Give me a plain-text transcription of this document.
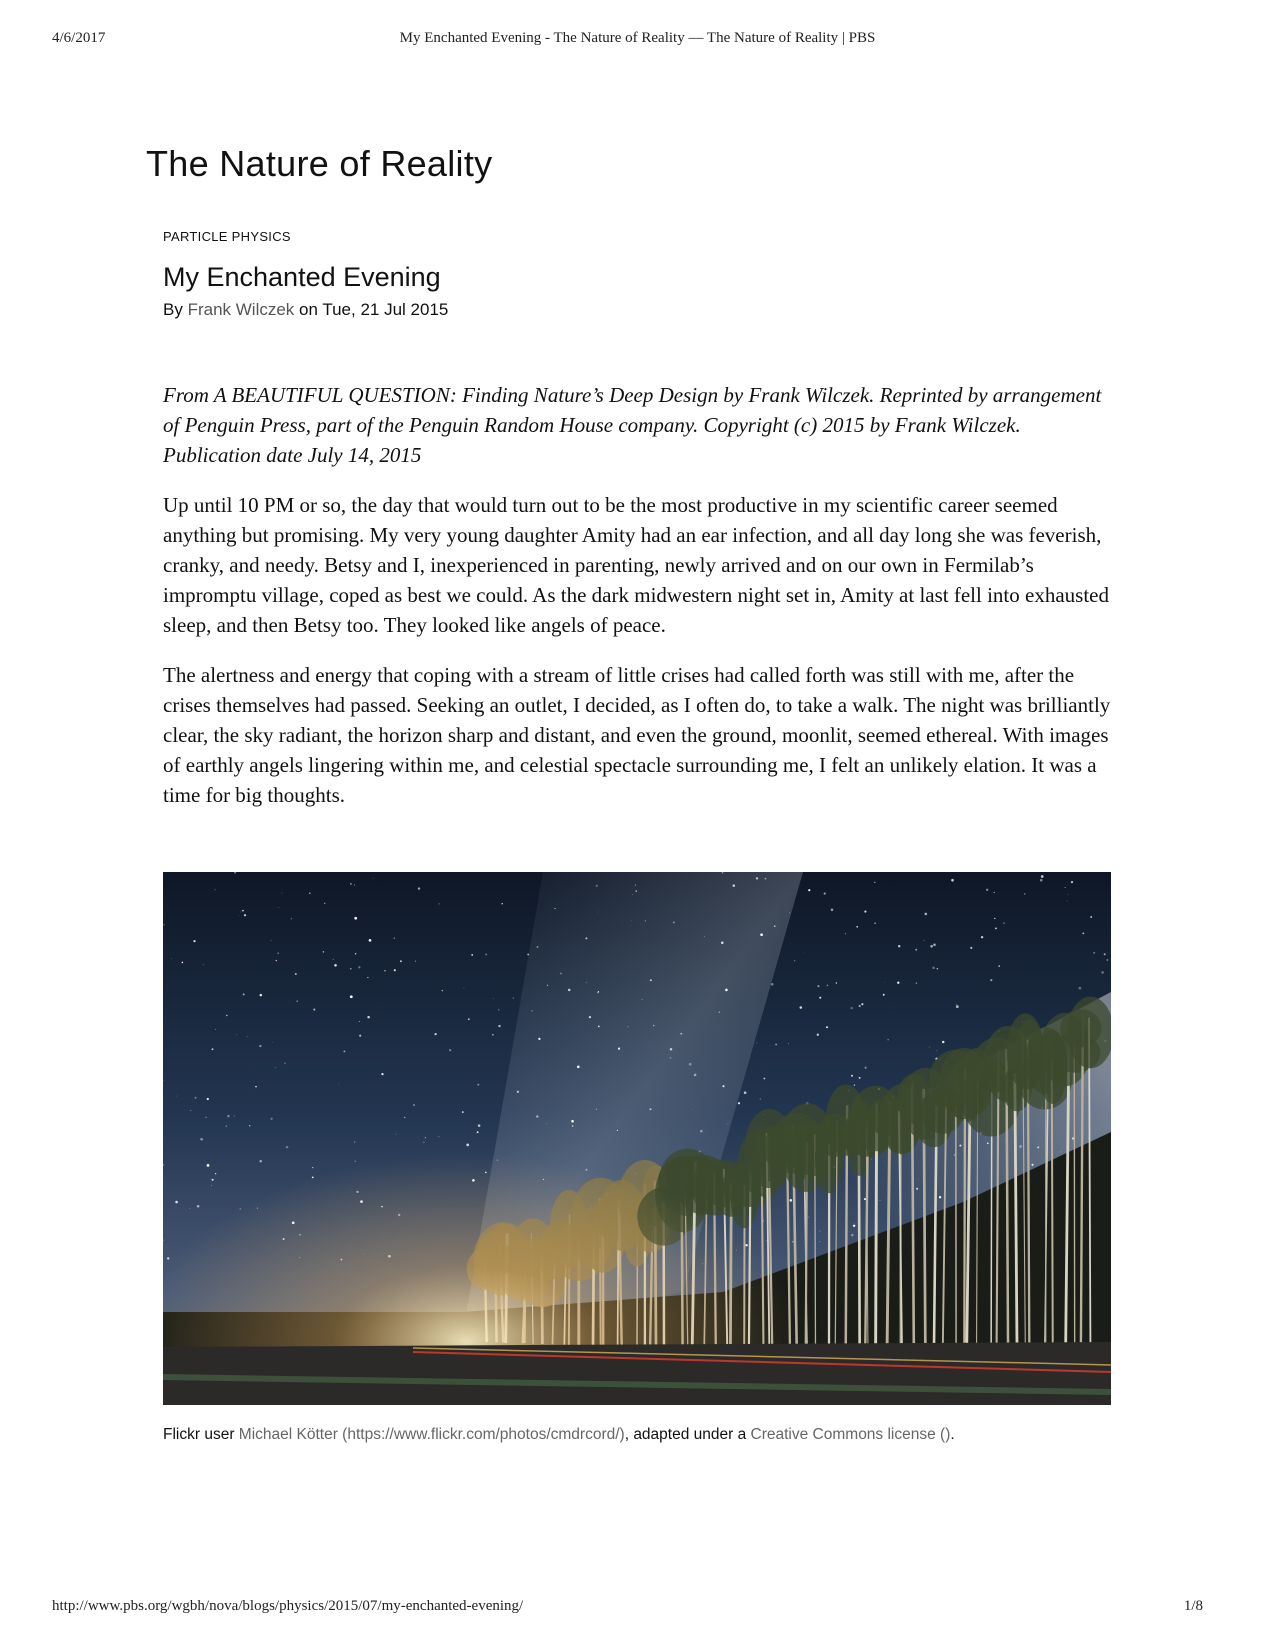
4/6/2017	My Enchanted Evening - The Nature of Reality — The Nature of Reality | PBS
The Nature of Reality

PARTICLE PHYSICS

My Enchanted Evening

By Frank Wilczek on Tue, 21 Jul 2015

From A BEAUTIFUL QUESTION: Finding Nature’s Deep Design by Frank Wilczek. Reprinted by arrangement of Penguin Press, part of the Penguin Random House company. Copyright (c) 2015 by Frank Wilczek. Publication date July 14, 2015

Up until 10 PM or so, the day that would turn out to be the most productive in my scientific career seemed anything but promising. My very young daughter Amity had an ear infection, and all day long she was feverish, cranky, and needy. Betsy and I, inexperienced in parenting, newly arrived and on our own in Fermilab’s impromptu village, coped as best we could. As the dark midwestern night set in, Amity at last fell into exhausted sleep, and then Betsy too. They looked like angels of peace.

The alertness and energy that coping with a stream of little crises had called forth was still with me, after the crises themselves had passed. Seeking an outlet, I decided, as I often do, to take a walk. The night was brilliantly clear, the sky radiant, the horizon sharp and distant, and even the ground, moonlit, seemed ethereal. With images of earthly angels lingering within me, and celestial spectacle surrounding me, I felt an unlikely elation. It was a time for big thoughts.

Flickr user Michael Kötter (https://www.flickr.com/photos/cmdrcord/), adapted under a Creative Commons license ().
http://www.pbs.org/wgbh/nova/blogs/physics/2015/07/my-enchanted-evening/	1/8
